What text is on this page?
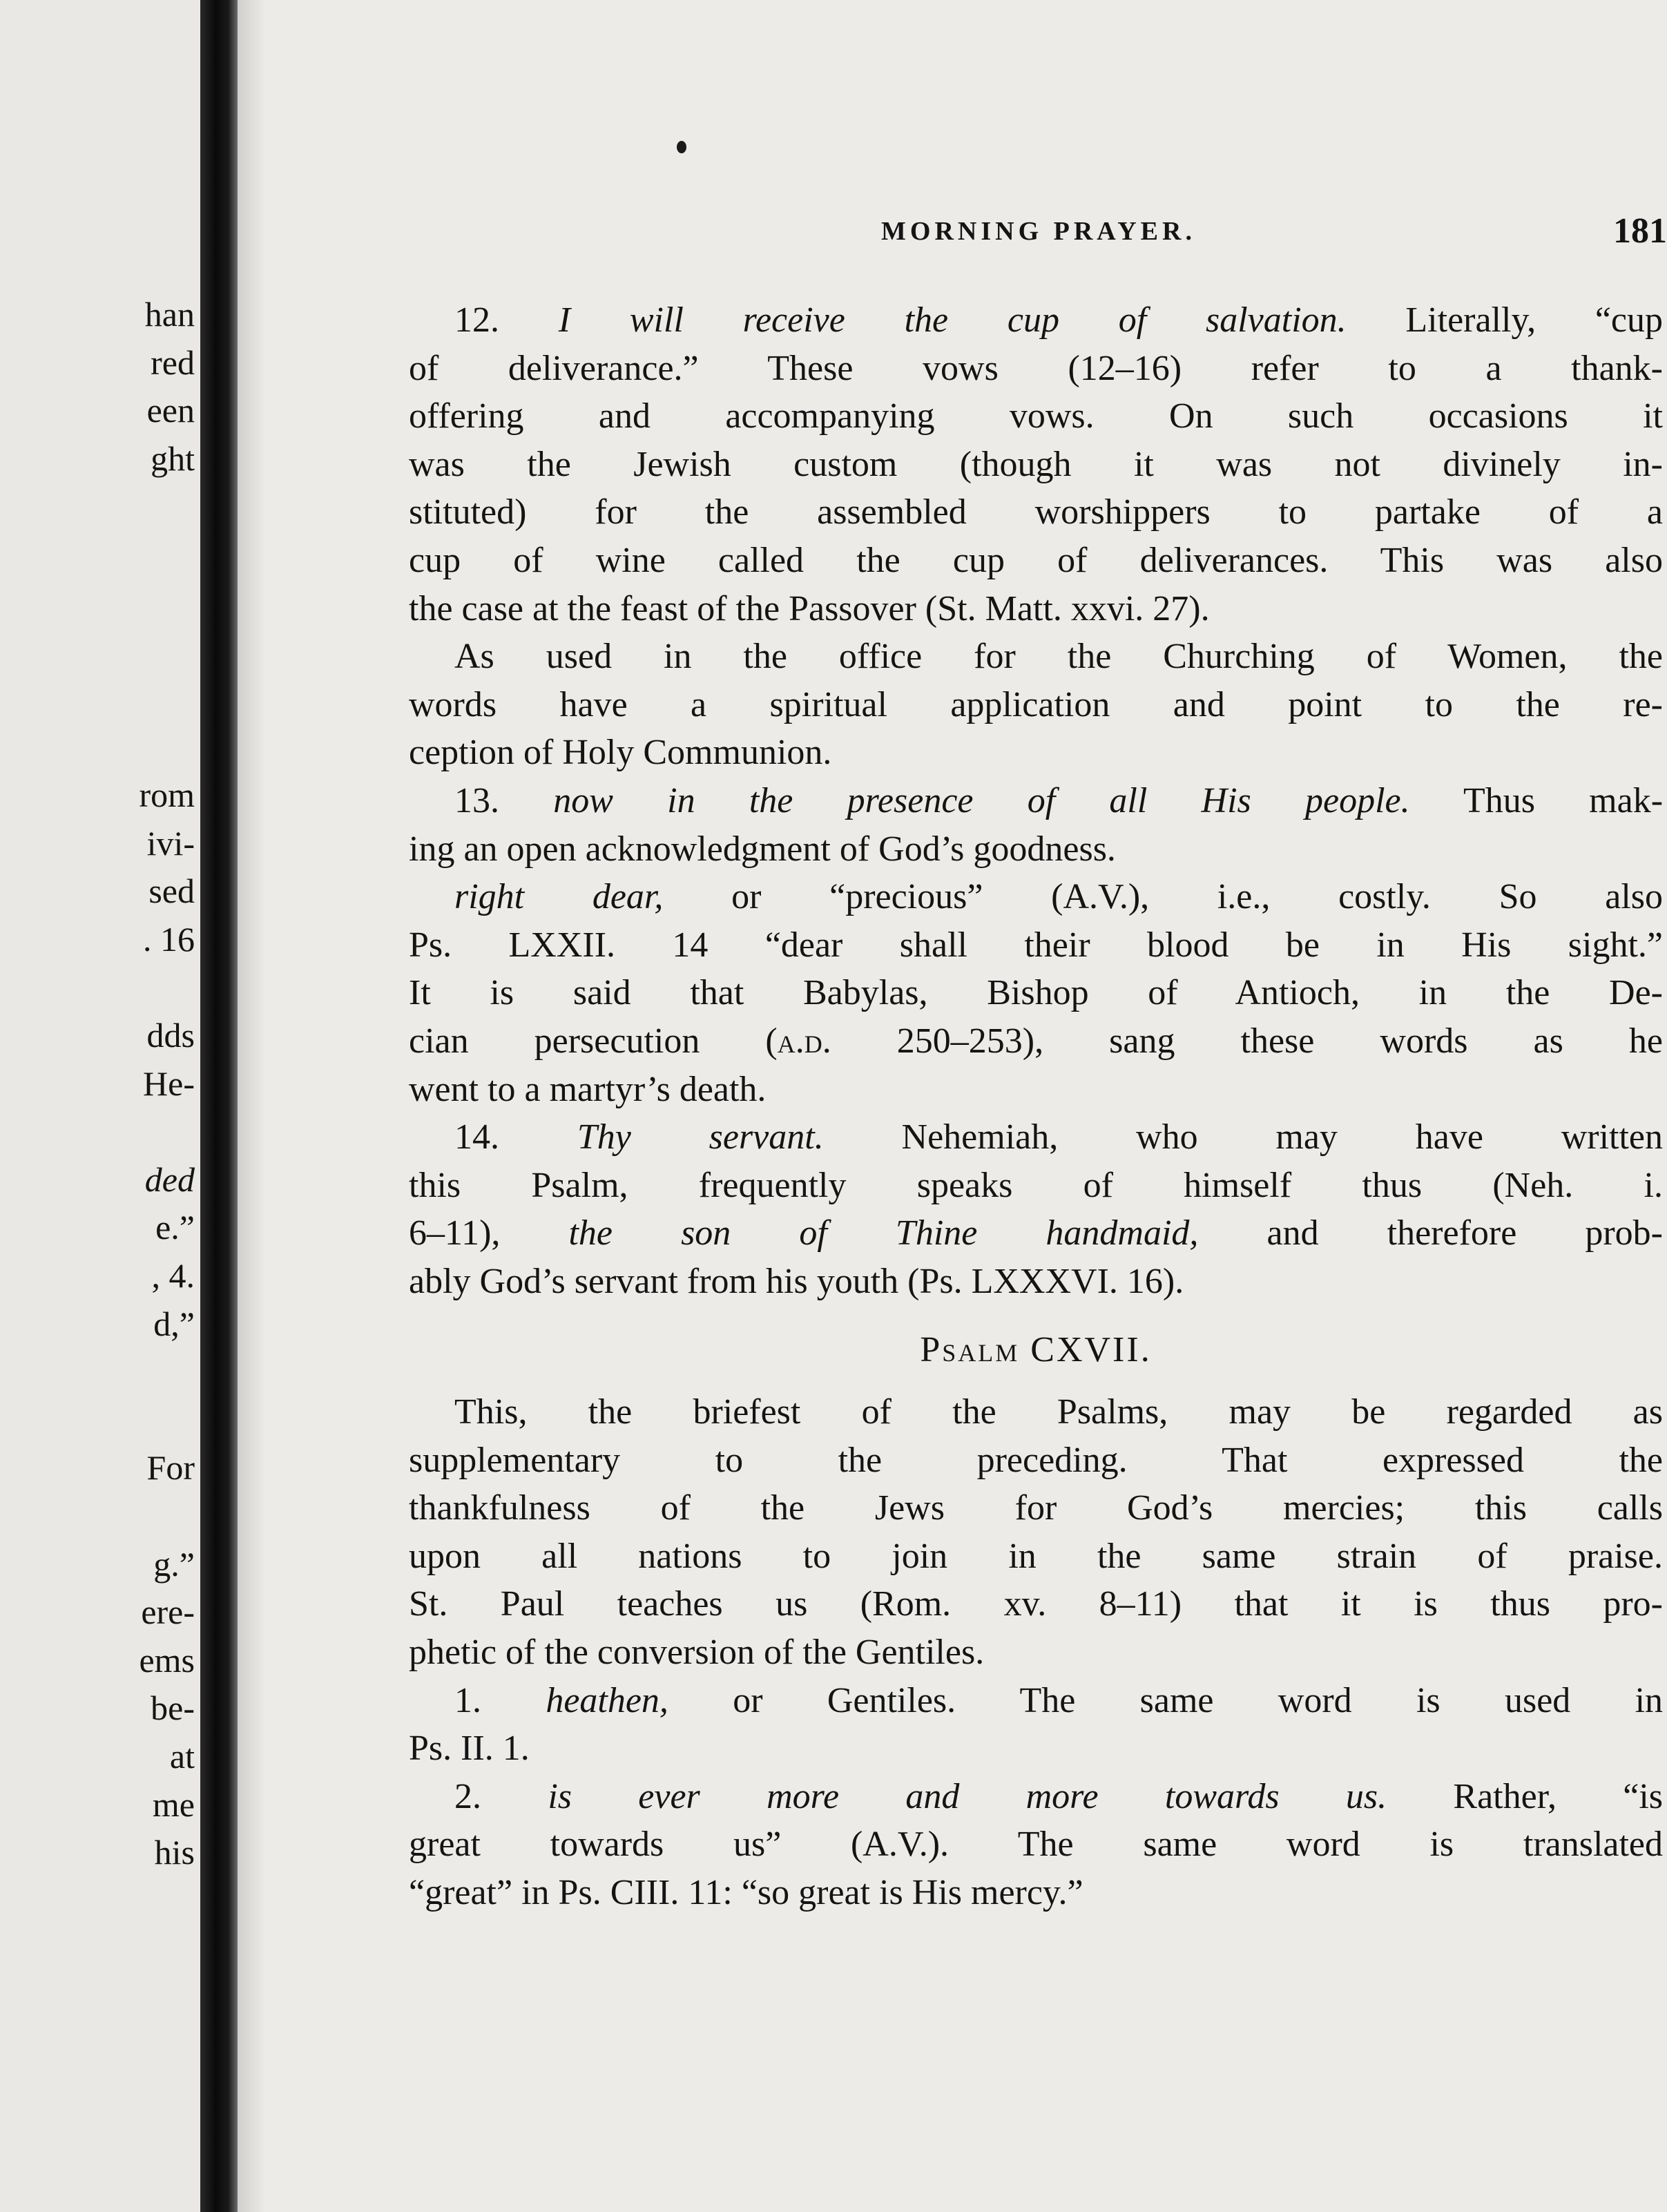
han
red
een
ght
rom
ivi-
sed
. 16
dds
He-
ded
e.”
, 4.
d,”
For
g.”
ere-
ems
be-
at
me
his
MORNING PRAYER.	181

12. I will receive the cup of salvation. Literally, “cup
of deliverance.” These vows (12–16) refer to a thank-
offering and accompanying vows. On such occasions it
was the Jewish custom (though it was not divinely in-
stituted) for the assembled worshippers to partake of a
cup of wine called the cup of deliverances. This was also
the case at the feast of the Passover (St. Matt. xxvi. 27).

As used in the office for the Churching of Women, the
words have a spiritual application and point to the re-
ception of Holy Communion.

13. now in the presence of all His people. Thus mak-
ing an open acknowledgment of God’s goodness.

right dear, or “precious” (A.V.), i.e., costly. So also
Ps. LXXII. 14 “dear shall their blood be in His sight.”
It is said that Babylas, Bishop of Antioch, in the De-
cian persecution (a.d. 250–253), sang these words as he
went to a martyr’s death.

14. Thy servant. Nehemiah, who may have written
this Psalm, frequently speaks of himself thus (Neh. i.
6–11), the son of Thine handmaid, and therefore prob-
ably God’s servant from his youth (Ps. LXXXVI. 16).

Psalm CXVII.

This, the briefest of the Psalms, may be regarded as
supplementary to the preceding. That expressed the
thankfulness of the Jews for God’s mercies; this calls
upon all nations to join in the same strain of praise.
St. Paul teaches us (Rom. xv. 8–11) that it is thus pro-
phetic of the conversion of the Gentiles.

1. heathen, or Gentiles. The same word is used in
Ps. II. 1.

2. is ever more and more towards us. Rather, “is
great towards us” (A.V.). The same word is translated
“great” in Ps. CIII. 11: “so great is His mercy.”
